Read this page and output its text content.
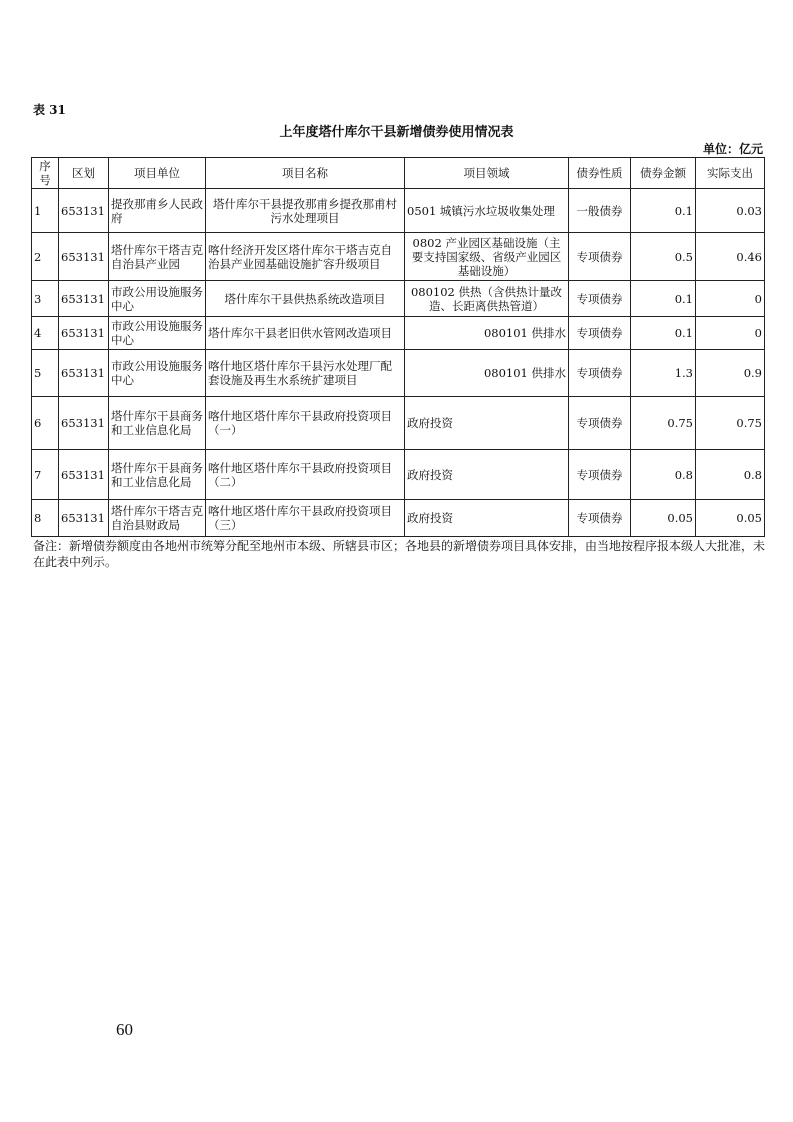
表 31
上年度塔什库尔干县新增债券使用情况表
单位：亿元
序号	区划	项目单位	项目名称	项目领域	债券性质	债券金额	实际支出
1	653131	提孜那甫乡人民政府	塔什库尔干县提孜那甫乡提孜那甫村污水处理项目	0501 城镇污水垃圾收集处理	一般债券	0.1	0.03
2	653131	塔什库尔干塔吉克自治县产业园	喀什经济开发区塔什库尔干塔吉克自治县产业园基础设施扩容升级项目	0802 产业园区基础设施（主要支持国家级、省级产业园区基础设施）	专项债券	0.5	0.46
3	653131	市政公用设施服务中心	塔什库尔干县供热系统改造项目	080102 供热（含供热计量改造、长距离供热管道）	专项债券	0.1	0
4	653131	市政公用设施服务中心	塔什库尔干县老旧供水管网改造项目	080101 供排水	专项债券	0.1	0
5	653131	市政公用设施服务中心	喀什地区塔什库尔干县污水处理厂配套设施及再生水系统扩建项目	080101 供排水	专项债券	1.3	0.9
6	653131	塔什库尔干县商务和工业信息化局	喀什地区塔什库尔干县政府投资项目（一）	政府投资	专项债券	0.75	0.75
7	653131	塔什库尔干县商务和工业信息化局	喀什地区塔什库尔干县政府投资项目（二）	政府投资	专项债券	0.8	0.8
8	653131	塔什库尔干塔吉克自治县财政局	喀什地区塔什库尔干县政府投资项目（三）	政府投资	专项债券	0.05	0.05
备注：新增债券额度由各地州市统筹分配至地州市本级、所辖县市区；各地县的新增债券项目具体安排，由当地按程序报本级人大批准，未在此表中列示。
60
